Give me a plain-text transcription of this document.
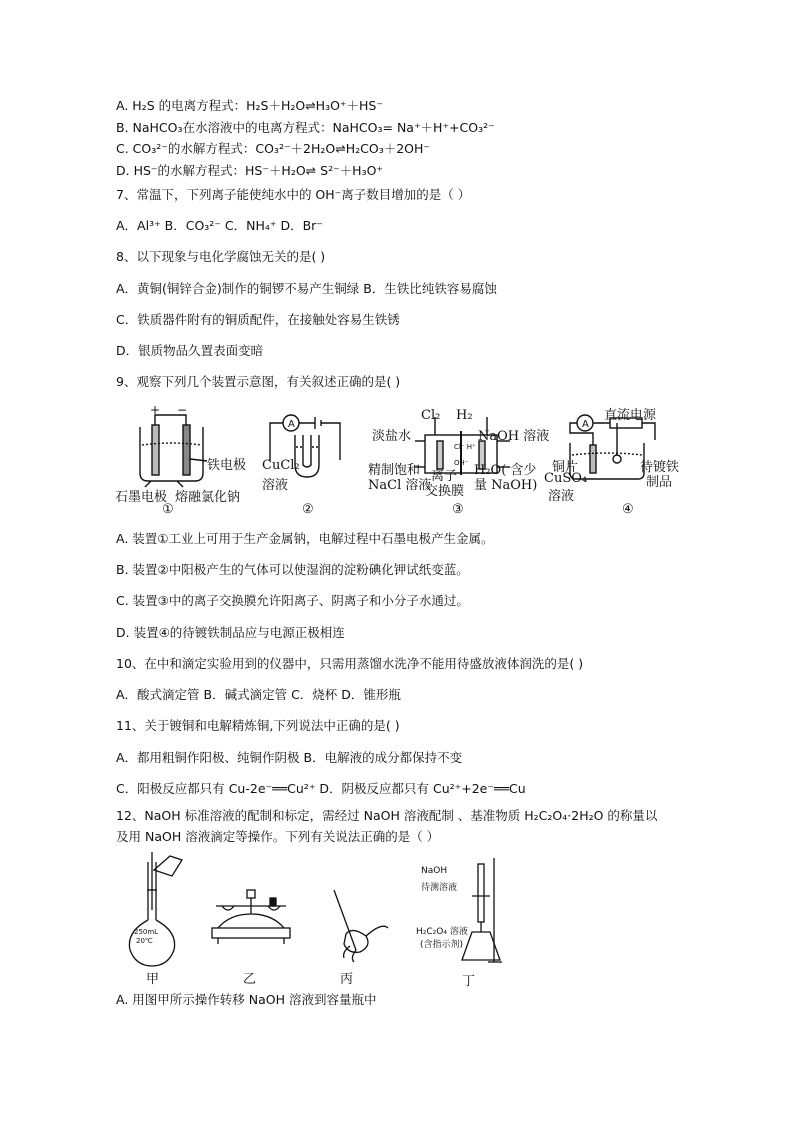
A. H₂S 的电离方程式：H₂S＋H₂O⇌H₃O⁺＋HS⁻
B. NaHCO₃在水溶液中的电离方程式：NaHCO₃= Na⁺＋H⁺+CO₃²⁻
C. CO₃²⁻的水解方程式：CO₃²⁻＋2H₂O⇌H₂CO₃＋2OH⁻
D. HS⁻的水解方程式：HS⁻＋H₂O⇌ S²⁻＋H₃O⁺
7、常温下，下列离子能使纯水中的 OH⁻离子数目增加的是（ ）
A．Al³⁺ B．CO₃²⁻ C．NH₄⁺ D．Br⁻
8、以下现象与电化学腐蚀无关的是( )
A．黄铜(铜锌合金)制作的铜锣不易产生铜绿 B．生铁比纯铁容易腐蚀
C．铁质器件附有的铜质配件，在接触处容易生铁锈
D．银质物品久置表面变暗
9、观察下列几个装置示意图，有关叙述正确的是( )
+ −
A	A
Cl⁻ H⁺
OH⁻
铁电极
石墨电极 熔融氯化钠
①
CuCl₂
溶液
②
Cl₂ H₂
淡盐水	NaOH 溶液
精制饱和
NaCl 溶液
离子
交换膜
H₂O( 含少
量 NaOH)
③
直流电源
铜片
CuSO₄
溶液
待镀铁
制品
④
A. 装置①工业上可用于生产金属钠，电解过程中石墨电极产生金属。
B. 装置②中阳极产生的气体可以使湿润的淀粉碘化钾试纸变蓝。
C. 装置③中的离子交换膜允许阳离子、阴离子和小分子水通过。
D. 装置④的待镀铁制品应与电源正极相连
10、在中和滴定实验用到的仪器中，只需用蒸馏水洗净不能用待盛放液体润洗的是( )
A．酸式滴定管 B．碱式滴定管 C．烧杯 D．锥形瓶
11、关于镀铜和电解精炼铜,下列说法中正确的是( )
A．都用粗铜作阳极、纯铜作阴极 B．电解液的成分都保持不变
C．阳极反应都只有 Cu-2e⁻══Cu²⁺ D．阴极反应都只有 Cu²⁺+2e⁻══Cu
12、NaOH 标准溶液的配制和标定，需经过 NaOH 溶液配制 、基准物质 H₂C₂O₄·2H₂O 的称量以
及用 NaOH 溶液滴定等操作。下列有关说法正确的是（ ）
250mL
20℃
NaOH
待测溶液
H₂C₂O₄ 溶液
(含指示剂)
甲	乙	丙	丁
A. 用图甲所示操作转移 NaOH 溶液到容量瓶中
